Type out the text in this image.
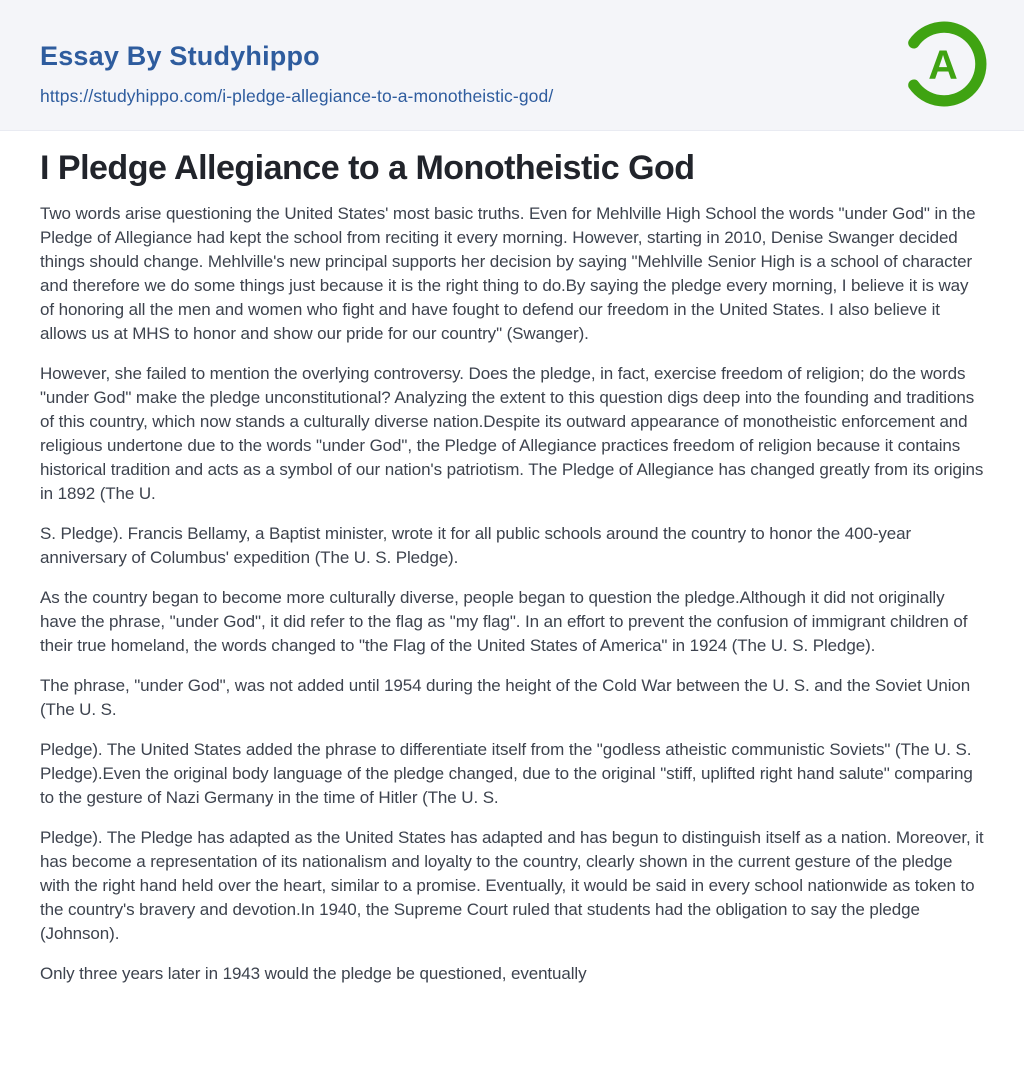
Essay By Studyhippo
https://studyhippo.com/i-pledge-allegiance-to-a-monotheistic-god/
A
I Pledge Allegiance to a Monotheistic God

Two words arise questioning the United States' most basic truths. Even for Mehlville High School the words "under God" in the Pledge of Allegiance had kept the school from reciting it every morning. However, starting in 2010, Denise Swanger decided things should change. Mehlville's new principal supports her decision by saying "Mehlville Senior High is a school of character and therefore we do some things just because it is the right thing to do.By saying the pledge every morning, I believe it is way of honoring all the men and women who fight and have fought to defend our freedom in the United States. I also believe it allows us at MHS to honor and show our pride for our country" (Swanger).

However, she failed to mention the overlying controversy. Does the pledge, in fact, exercise freedom of religion; do the words "under God" make the pledge unconstitutional? Analyzing the extent to this question digs deep into the founding and traditions of this country, which now stands a culturally diverse nation.Despite its outward appearance of monotheistic enforcement and religious undertone due to the words "under God", the Pledge of Allegiance practices freedom of religion because it contains historical tradition and acts as a symbol of our nation's patriotism. The Pledge of Allegiance has changed greatly from its origins in 1892 (The U.

S. Pledge). Francis Bellamy, a Baptist minister, wrote it for all public schools around the country to honor the 400-year anniversary of Columbus' expedition (The U. S. Pledge).

As the country began to become more culturally diverse, people began to question the pledge.Although it did not originally have the phrase, "under God", it did refer to the flag as "my flag". In an effort to prevent the confusion of immigrant children of their true homeland, the words changed to "the Flag of the United States of America" in 1924 (The U. S. Pledge).

The phrase, "under God", was not added until 1954 during the height of the Cold War between the U. S. and the Soviet Union (The U. S.

Pledge). The United States added the phrase to differentiate itself from the "godless atheistic communistic Soviets" (The U. S. Pledge).Even the original body language of the pledge changed, due to the original "stiff, uplifted right hand salute" comparing to the gesture of Nazi Germany in the time of Hitler (The U. S.

Pledge). The Pledge has adapted as the United States has adapted and has begun to distinguish itself as a nation. Moreover, it has become a representation of its nationalism and loyalty to the country, clearly shown in the current gesture of the pledge with the right hand held over the heart, similar to a promise. Eventually, it would be said in every school nationwide as token to the country's bravery and devotion.In 1940, the Supreme Court ruled that students had the obligation to say the pledge (Johnson).

Only three years later in 1943 would the pledge be questioned, eventually
